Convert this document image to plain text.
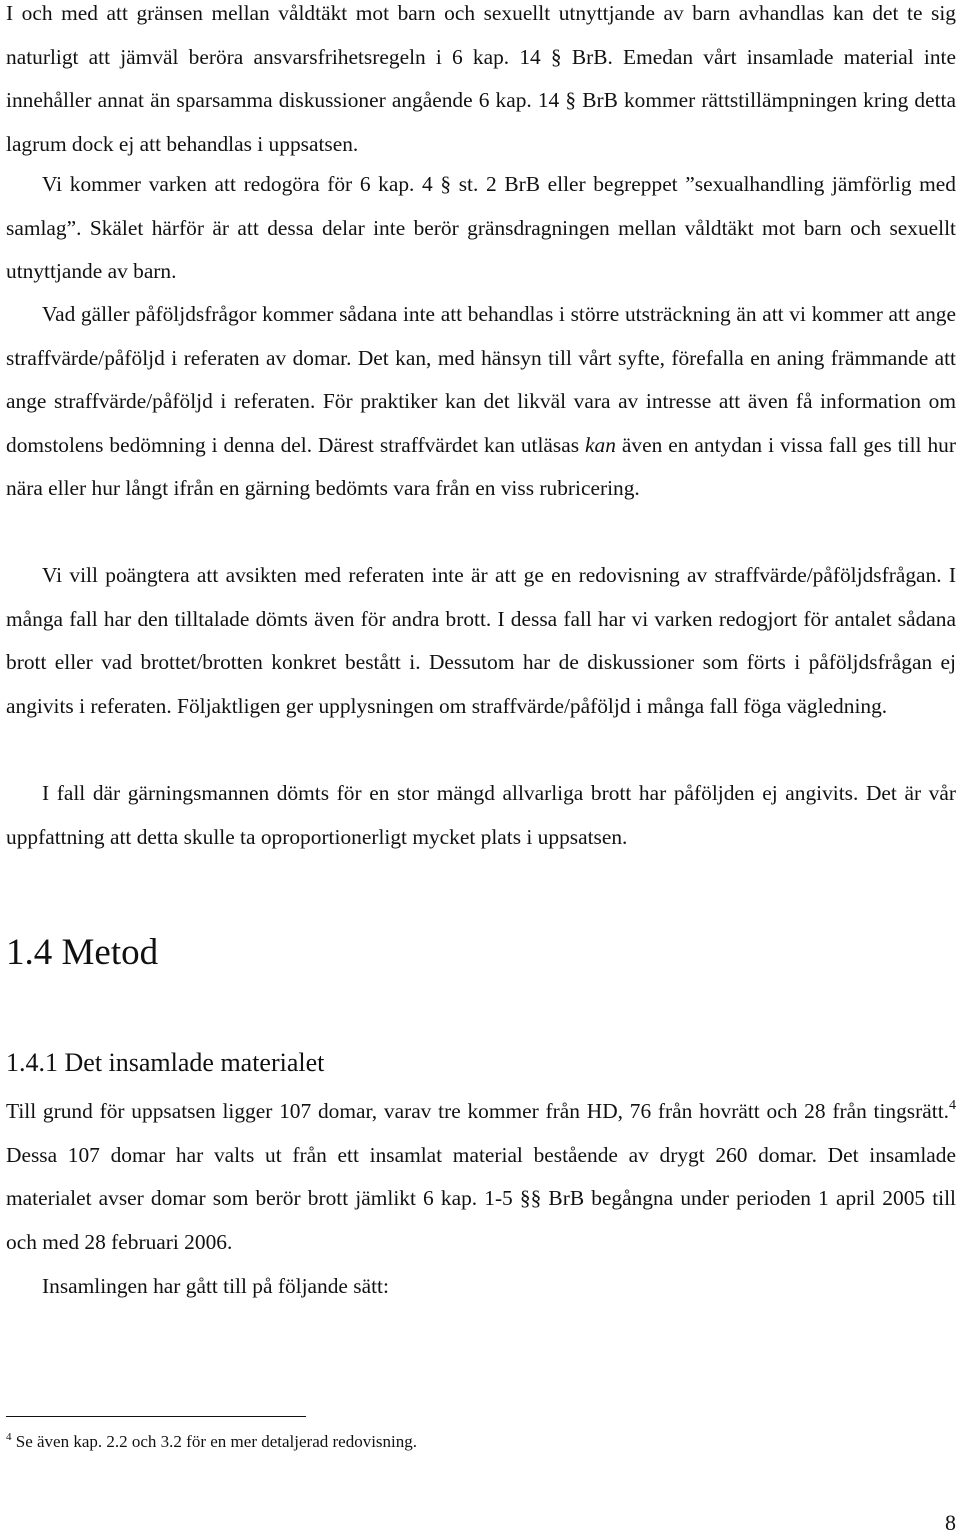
I och med att gränsen mellan våldtäkt mot barn och sexuellt utnyttjande av barn avhandlas kan det te sig naturligt att jämväl beröra ansvarsfrihetsregeln i 6 kap. 14 § BrB. Emedan vårt insamlade material inte innehåller annat än sparsamma diskussioner angående 6 kap. 14 § BrB kommer rättstillämpningen kring detta lagrum dock ej att behandlas i uppsatsen.

Vi kommer varken att redogöra för 6 kap. 4 § st. 2 BrB eller begreppet ”sexualhandling jämförlig med samlag”. Skälet härför är att dessa delar inte berör gränsdragningen mellan våldtäkt mot barn och sexuellt utnyttjande av barn.

Vad gäller påföljdsfrågor kommer sådana inte att behandlas i större utsträckning än att vi kommer att ange straffvärde/påföljd i referaten av domar. Det kan, med hänsyn till vårt syfte, förefalla en aning främmande att ange straffvärde/påföljd i referaten. För praktiker kan det likväl vara av intresse att även få information om domstolens bedömning i denna del. Därest straffvärdet kan utläsas kan även en antydan i vissa fall ges till hur nära eller hur långt ifrån en gärning bedömts vara från en viss rubricering.

Vi vill poängtera att avsikten med referaten inte är att ge en redovisning av straffvärde/påföljdsfrågan. I många fall har den tilltalade dömts även för andra brott. I dessa fall har vi varken redogjort för antalet sådana brott eller vad brottet/brotten konkret bestått i. Dessutom har de diskussioner som förts i påföljdsfrågan ej angivits i referaten. Följaktligen ger upplysningen om straffvärde/påföljd i många fall föga vägledning.

I fall där gärningsmannen dömts för en stor mängd allvarliga brott har påföljden ej angivits. Det är vår uppfattning att detta skulle ta oproportionerligt mycket plats i uppsatsen.

1.4 Metod
1.4.1 Det insamlade materialet

Till grund för uppsatsen ligger 107 domar, varav tre kommer från HD, 76 från hovrätt och 28 från tingsrätt.$^4$ Dessa 107 domar har valts ut från ett insamlat material bestående av drygt 260 domar. Det insamlade materialet avser domar som berör brott jämlikt 6 kap. 1-5 §§ BrB begångna under perioden 1 april 2005 till och med 28 februari 2006.

Insamlingen har gått till på följande sätt:

$^4$ Se även kap. 2.2 och 3.2 för en mer detaljerad redovisning.
8
